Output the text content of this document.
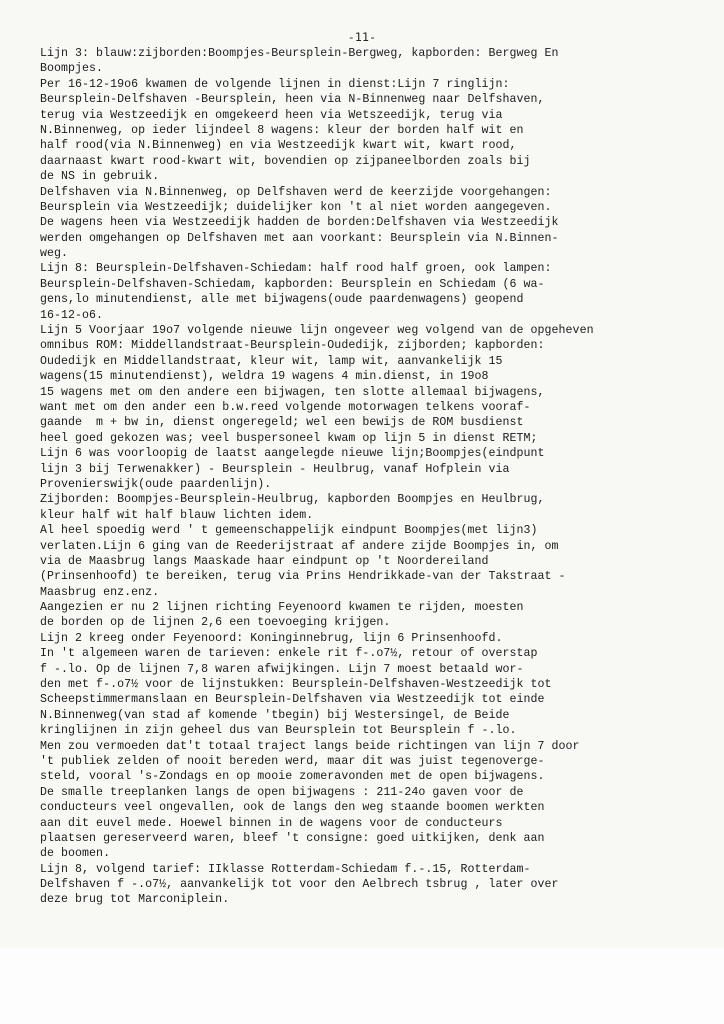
-11-
Lijn 3: blauw:zijborden:Boompjes-Beursplein-Bergweg, kapborden: Bergweg En
Boompjes.
Per 16-12-19o6 kwamen de volgende lijnen in dienst:Lijn 7 ringlijn:
Beursplein-Delfshaven -Beursplein, heen via N-Binnenweg naar Delfshaven,
terug via Westzeedijk en omgekeerd heen via Wetszeedijk, terug via
N.Binnenweg, op ieder lijndeel 8 wagens: kleur der borden half wit en
half rood(via N.Binnenweg) en via Westzeedijk kwart wit, kwart rood,
daarnaast kwart rood-kwart wit, bovendien op zijpaneelborden zoals bij
de NS in gebruik.
Delfshaven via N.Binnenweg, op Delfshaven werd de keerzijde voorgehangen:
Beursplein via Westzeedijk; duidelijker kon 't al niet worden aangegeven.
De wagens heen via Westzeedijk hadden de borden:Delfshaven via Westzeedijk
werden omgehangen op Delfshaven met aan voorkant: Beursplein via N.Binnen-
weg.
Lijn 8: Beursplein-Delfshaven-Schiedam: half rood half groen, ook lampen:
Beursplein-Delfshaven-Schiedam, kapborden: Beursplein en Schiedam (6 wa-
gens,lo minutendienst, alle met bijwagens(oude paardenwagens) geopend
16-12-o6.
Lijn 5 Voorjaar 19o7 volgende nieuwe lijn ongeveer weg volgend van de opgeheven
omnibus ROM: Middellandstraat-Beursplein-Oudedijk, zijborden; kapborden:
Oudedijk en Middellandstraat, kleur wit, lamp wit, aanvankelijk 15
wagens(15 minutendienst), weldra 19 wagens 4 min.dienst, in 19o8
15 wagens met om den andere een bijwagen, ten slotte allemaal bijwagens,
want met om den ander een b.w.reed volgende motorwagen telkens vooraf-
gaande  m + bw in, dienst ongeregeld; wel een bewijs de ROM busdienst
heel goed gekozen was; veel buspersoneel kwam op lijn 5 in dienst RETM;
Lijn 6 was voorloopig de laatst aangelegde nieuwe lijn;Boompjes(eindpunt
lijn 3 bij Terwenakker) - Beursplein - Heulbrug, vanaf Hofplein via
Provenierswijk(oude paardenlijn).
Zijborden: Boompjes-Beursplein-Heulbrug, kapborden Boompjes en Heulbrug,
kleur half wit half blauw lichten idem.
Al heel spoedig werd ' t gemeenschappelijk eindpunt Boompjes(met lijn3)
verlaten.Lijn 6 ging van de Reederijstraat af andere zijde Boompjes in, om
via de Maasbrug langs Maaskade haar eindpunt op 't Noordereiland
(Prinsenhoofd) te bereiken, terug via Prins Hendrikkade-van der Takstraat -
Maasbrug enz.enz.
Aangezien er nu 2 lijnen richting Feyenoord kwamen te rijden, moesten
de borden op de lijnen 2,6 een toevoeging krijgen.
Lijn 2 kreeg onder Feyenoord: Koninginnebrug, lijn 6 Prinsenhoofd.
In 't algemeen waren de tarieven: enkele rit f-.o7½, retour of overstap
f -.lo. Op de lijnen 7,8 waren afwijkingen. Lijn 7 moest betaald wor-
den met f-.o7½ voor de lijnstukken: Beursplein-Delfshaven-Westzeedijk tot
Scheepstimmermanslaan en Beursplein-Delfshaven via Westzeedijk tot einde
N.Binnenweg(van stad af komende 'tbegin) bij Westersingel, de Beide
kringlijnen in zijn geheel dus van Beursplein tot Beursplein f -.lo.
Men zou vermoeden dat't totaal traject langs beide richtingen van lijn 7 door
't publiek zelden of nooit bereden werd, maar dit was juist tegenoverge-
steld, vooral 's-Zondags en op mooie zomeravonden met de open bijwagens.
De smalle treeplanken langs de open bijwagens : 211-24o gaven voor de
conducteurs veel ongevallen, ook de langs den weg staande boomen werkten
aan dit euvel mede. Hoewel binnen in de wagens voor de conducteurs
plaatsen gereserveerd waren, bleef 't consigne: goed uitkijken, denk aan
de boomen.
Lijn 8, volgend tarief: IIklasse Rotterdam-Schiedam f.-.15, Rotterdam-
Delfshaven f -.o7½, aanvankelijk tot voor den Aelbrech tsbrug , later over
deze brug tot Marconiplein.
